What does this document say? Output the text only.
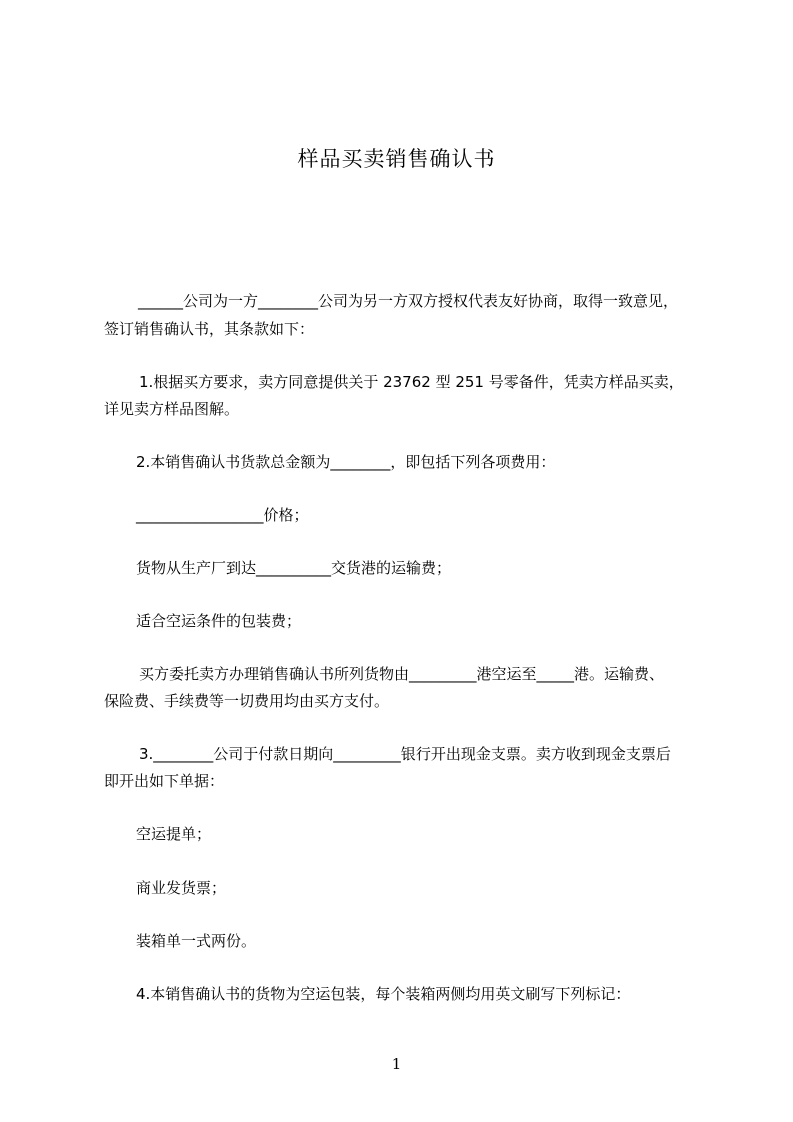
样品买卖销售确认书
______公司为一方________公司为另一方双方授权代表友好协商，取得一致意见，
签订销售确认书，其条款如下：
1.根据买方要求，卖方同意提供关于 23762 型 251 号零备件，凭卖方样品买卖，
详见卖方样品图解。
2.本销售确认书货款总金额为________，即包括下列各项费用：
_________________价格；
货物从生产厂到达__________交货港的运输费；
适合空运条件的包装费；
买方委托卖方办理销售确认书所列货物由_________港空运至_____港。运输费、
保险费、手续费等一切费用均由买方支付。
3.________公司于付款日期向_________银行开出现金支票。卖方收到现金支票后
即开出如下单据：
空运提单；
商业发货票；
装箱单一式两份。
4.本销售确认书的货物为空运包装，每个装箱两侧均用英文刷写下列标记：
1
